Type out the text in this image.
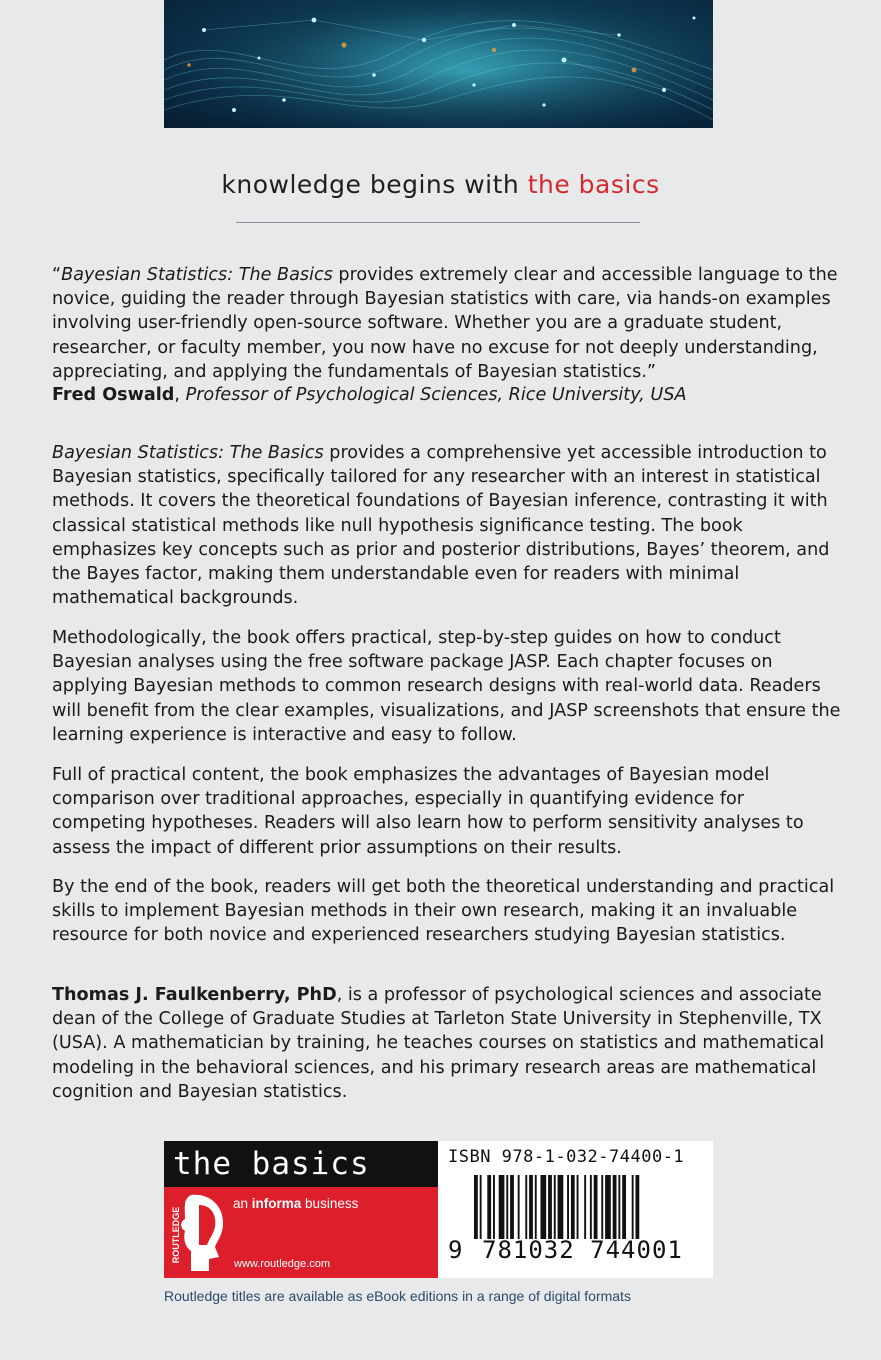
knowledge begins with the basics

“Bayesian Statistics: The Basics provides extremely clear and accessible language to the novice, guiding the reader through Bayesian statistics with care, via hands-on examples involving user-friendly open-source software. Whether you are a graduate student, researcher, or faculty member, you now have no excuse for not deeply understanding, appreciating, and applying the fundamentals of Bayesian statistics.”

Fred Oswald, Professor of Psychological Sciences, Rice University, USA

Bayesian Statistics: The Basics provides a comprehensive yet accessible introduction to Bayesian statistics, specifically tailored for any researcher with an interest in statistical methods. It covers the theoretical foundations of Bayesian inference, contrasting it with classical statistical methods like null hypothesis significance testing. The book emphasizes key concepts such as prior and posterior distributions, Bayes’ theorem, and the Bayes factor, making them understandable even for readers with minimal mathematical backgrounds.

Methodologically, the book offers practical, step-by-step guides on how to conduct Bayesian analyses using the free software package JASP. Each chapter focuses on applying Bayesian methods to common research designs with real-world data. Readers will benefit from the clear examples, visualizations, and JASP screenshots that ensure the learning experience is interactive and easy to follow.

Full of practical content, the book emphasizes the advantages of Bayesian model comparison over traditional approaches, especially in quantifying evidence for competing hypotheses. Readers will also learn how to perform sensitivity analyses to assess the impact of different prior assumptions on their results.

By the end of the book, readers will get both the theoretical understanding and practical skills to implement Bayesian methods in their own research, making it an invaluable resource for both novice and experienced researchers studying Bayesian statistics.

Thomas J. Faulkenberry, PhD, is a professor of psychological sciences and associate dean of the College of Graduate Studies at Tarleton State University in Stephenville, TX (USA). A mathematician by training, he teaches courses on statistics and mathematical modeling in the behavioral sciences, and his primary research areas are mathematical cognition and Bayesian statistics.

the basics
ROUTLEDGE
an informa business
www.routledge.com
ISBN 978-1-032-74400-1
9 781032 744001
Routledge titles are available as eBook editions in a range of digital formats
